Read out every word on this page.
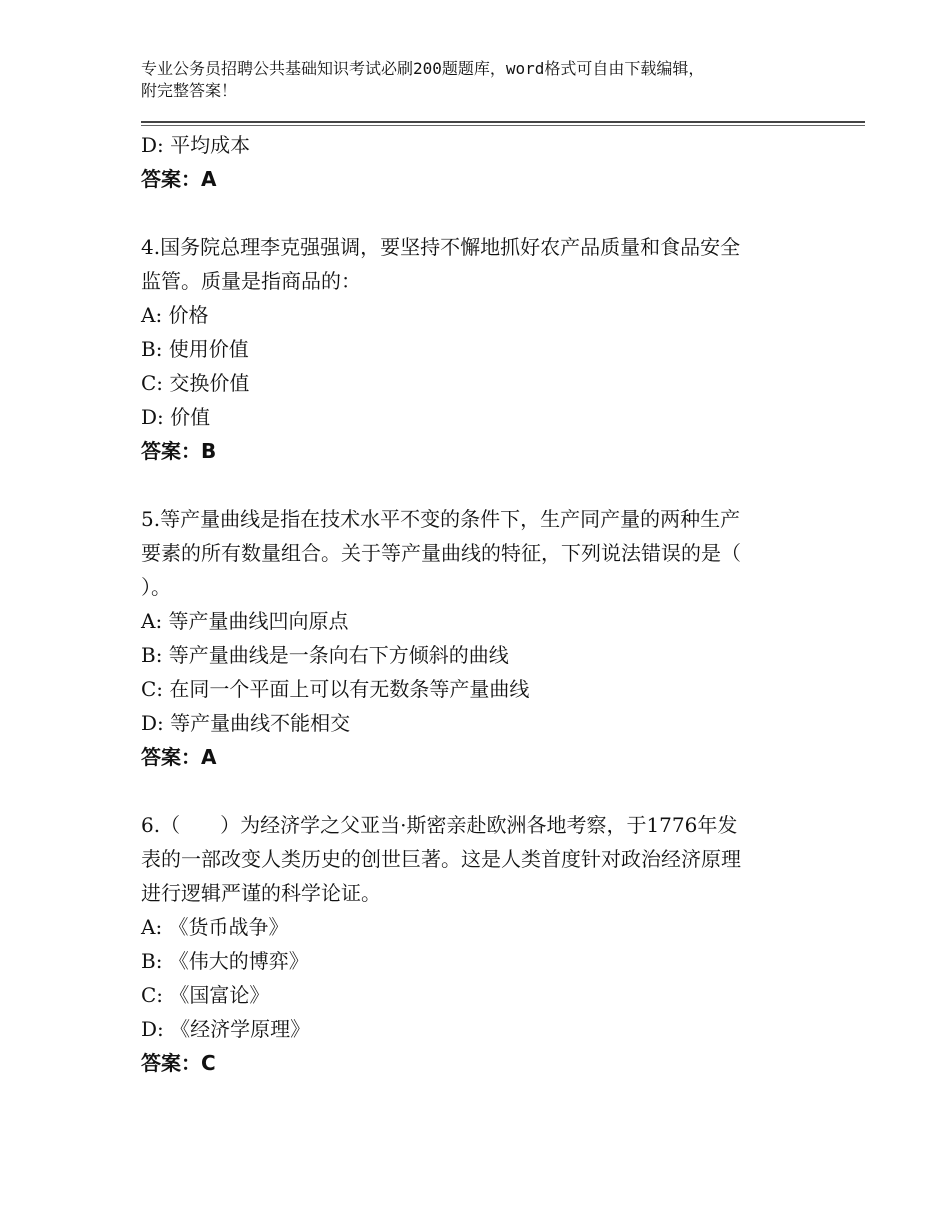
专业公务员招聘公共基础知识考试必刷200题题库，word格式可自由下载编辑，
附完整答案！
D: 平均成本
答案：A
4.国务院总理李克强强调，要坚持不懈地抓好农产品质量和食品安全
监管。质量是指商品的：
A: 价格
B: 使用价值
C: 交换价值
D: 价值
答案：B
5.等产量曲线是指在技术水平不变的条件下，生产同产量的两种生产
要素的所有数量组合。关于等产量曲线的特征，下列说法错误的是（
）。
A: 等产量曲线凹向原点
B: 等产量曲线是一条向右下方倾斜的曲线
C: 在同一个平面上可以有无数条等产量曲线
D: 等产量曲线不能相交
答案：A
6.（　　）为经济学之父亚当·斯密亲赴欧洲各地考察，于1776年发
表的一部改变人类历史的创世巨著。这是人类首度针对政治经济原理
进行逻辑严谨的科学论证。
A: 《货币战争》
B: 《伟大的博弈》
C: 《国富论》
D: 《经济学原理》
答案：C
